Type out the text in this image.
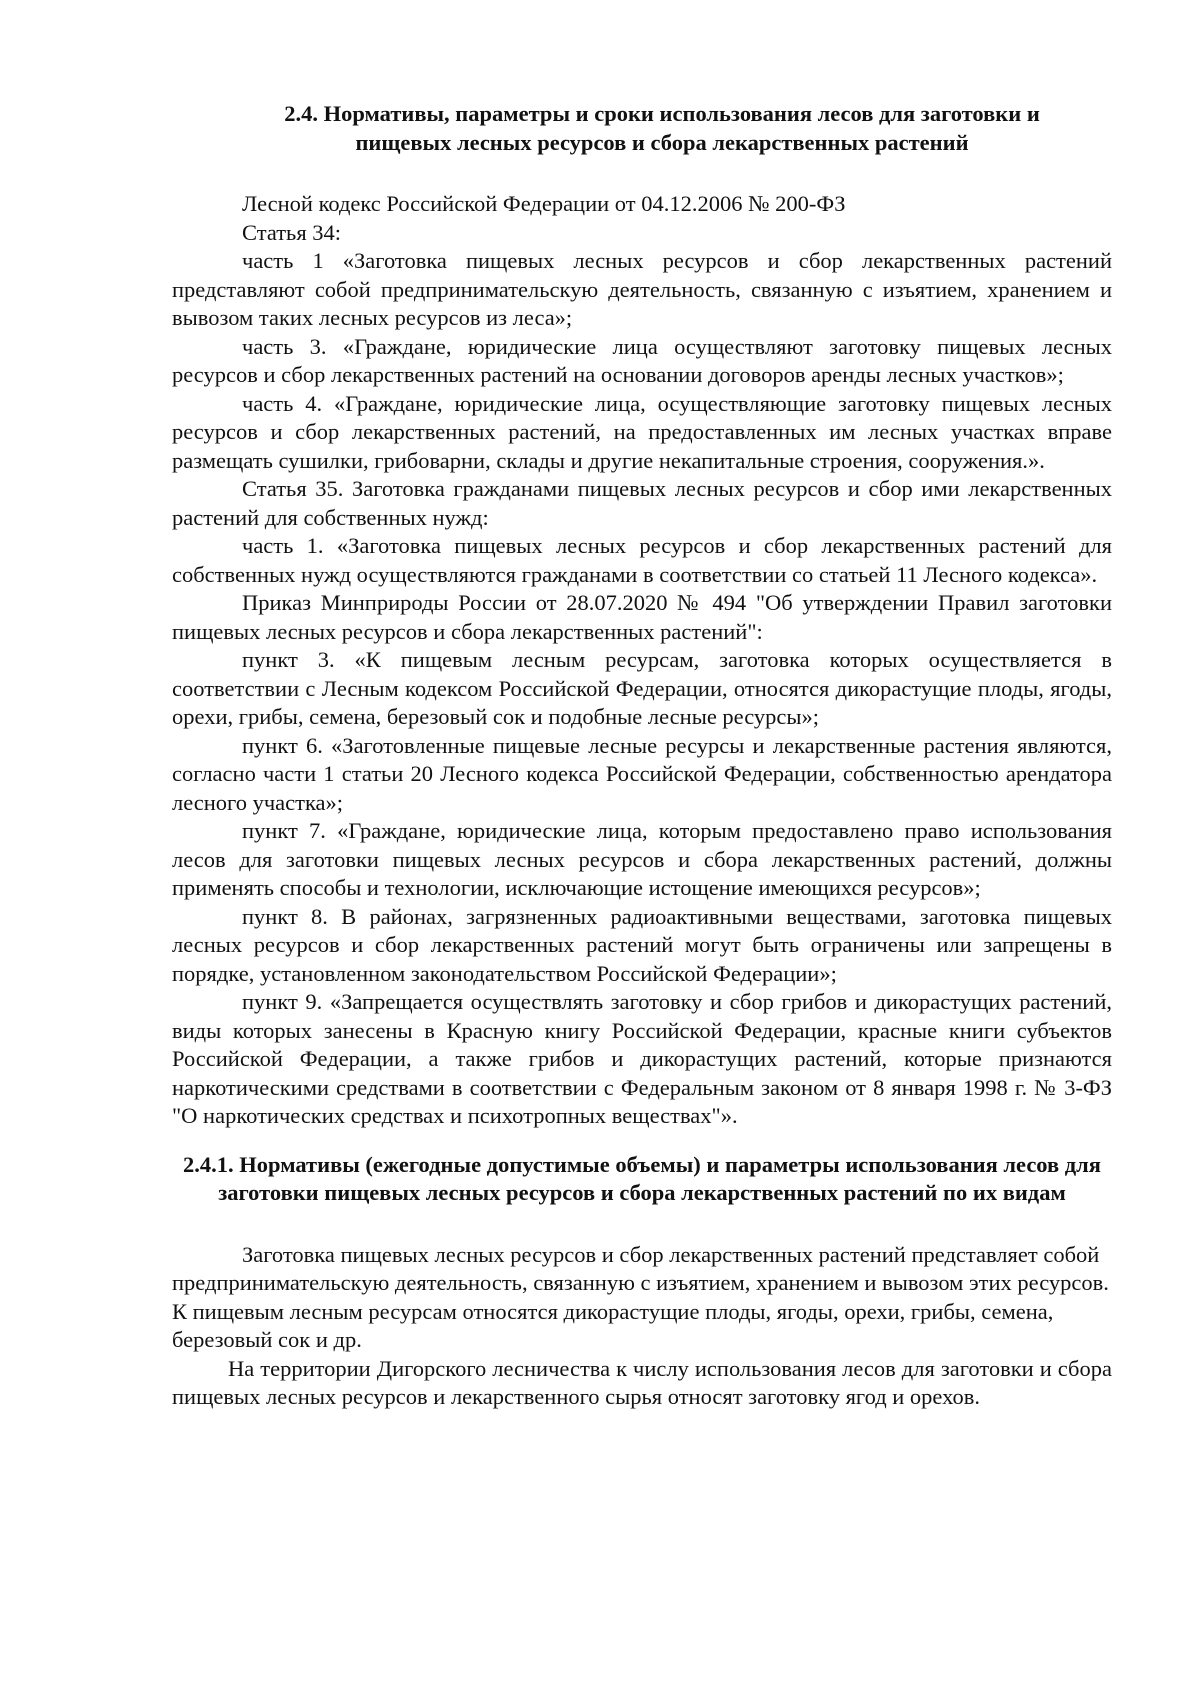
2.4. Нормативы, параметры и сроки использования лесов для заготовки и
пищевых лесных ресурсов и сбора лекарственных растений

Лесной кодекс Российской Федерации от 04.12.2006 № 200-ФЗ

Статья 34:

часть 1 «Заготовка пищевых лесных ресурсов и сбор лекарственных растений представляют собой предпринимательскую деятельность, связанную с изъятием, хранением и вывозом таких лесных ресурсов из леса»;

часть 3. «Граждане, юридические лица осуществляют заготовку пищевых лесных ресурсов и сбор лекарственных растений на основании договоров аренды лесных участков»;

часть 4. «Граждане, юридические лица, осуществляющие заготовку пищевых лесных ресурсов и сбор лекарственных растений, на предоставленных им лесных участках вправе размещать сушилки, грибоварни, склады и другие некапитальные строения, сооружения.».

Статья 35. Заготовка гражданами пищевых лесных ресурсов и сбор ими лекарственных растений для собственных нужд:

часть 1. «Заготовка пищевых лесных ресурсов и сбор лекарственных растений для собственных нужд осуществляются гражданами в соответствии со статьей 11 Лесного кодекса».

Приказ Минприроды России от 28.07.2020 № 494 "Об утверждении Правил заготовки пищевых лесных ресурсов и сбора лекарственных растений":

пункт 3. «К пищевым лесным ресурсам, заготовка которых осуществляется в соответствии с Лесным кодексом Российской Федерации, относятся дикорастущие плоды, ягоды, орехи, грибы, семена, березовый сок и подобные лесные ресурсы»;

пункт 6. «Заготовленные пищевые лесные ресурсы и лекарственные растения являются, согласно части 1 статьи 20 Лесного кодекса Российской Федерации, собственностью арендатора лесного участка»;

пункт 7. «Граждане, юридические лица, которым предоставлено право использования лесов для заготовки пищевых лесных ресурсов и сбора лекарственных растений, должны применять способы и технологии, исключающие истощение имеющихся ресурсов»;

пункт 8. В районах, загрязненных радиоактивными веществами, заготовка пищевых лесных ресурсов и сбор лекарственных растений могут быть ограничены или запрещены в порядке, установленном законодательством Российской Федерации»;

пункт 9. «Запрещается осуществлять заготовку и сбор грибов и дикорастущих растений, виды которых занесены в Красную книгу Российской Федерации, красные книги субъектов Российской Федерации, а также грибов и дикорастущих растений, которые признаются наркотическими средствами в соответствии с Федеральным законом от 8 января 1998 г. № 3-ФЗ "О наркотических средствах и психотропных веществах"».

2.4.1. Нормативы (ежегодные допустимые объемы) и параметры использования лесов для заготовки пищевых лесных ресурсов и сбора лекарственных растений по их видам

Заготовка пищевых лесных ресурсов и сбор лекарственных растений представляет собой предпринимательскую деятельность, связанную с изъятием, хранением и вывозом этих ресурсов. К пищевым лесным ресурсам относятся дикорастущие плоды, ягоды, орехи, грибы, семена, березовый сок и др.

На территории Дигорского лесничества к числу использования лесов для заготовки и сбора пищевых лесных ресурсов и лекарственного сырья относят заготовку ягод и орехов.
